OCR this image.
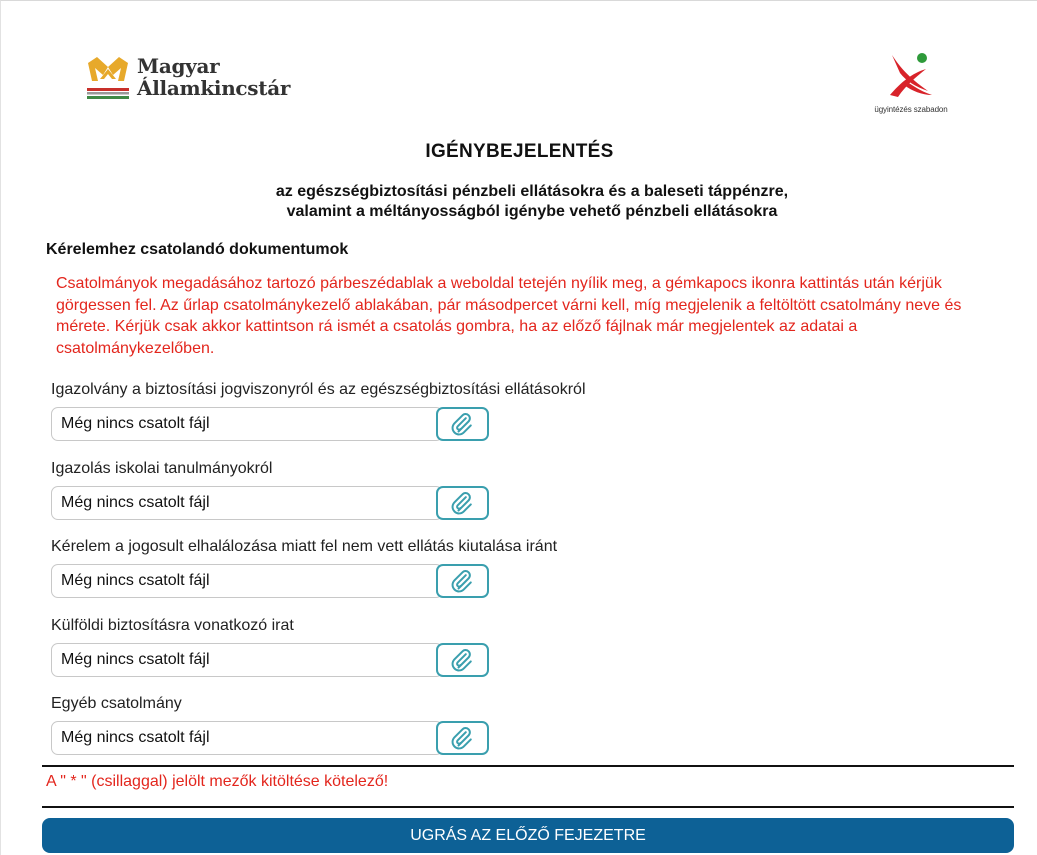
Magyar
Államkincstár
ügyintézés szabadon
IGÉNYBEJELENTÉS
az egészségbiztosítási pénzbeli ellátásokra és a baleseti táppénzre,
valamint a méltányosságból igénybe vehető pénzbeli ellátásokra
Kérelemhez csatolandó dokumentumok
Csatolmányok megadásához tartozó párbeszédablak a weboldal tetején nyílik meg, a gémkapocs ikonra kattintás után kérjük görgessen fel. Az űrlap csatolmánykezelő ablakában, pár másodpercet várni kell, míg megjelenik a feltöltött csatolmány neve és mérete. Kérjük csak akkor kattintson rá ismét a csatolás gombra, ha az előző fájlnak már megjelentek az adatai a csatolmánykezelőben.
Igazolvány a biztosítási jogviszonyról és az egészségbiztosítási ellátásokról
Még nincs csatolt fájl
Igazolás iskolai tanulmányokról
Még nincs csatolt fájl
Kérelem a jogosult elhalálozása miatt fel nem vett ellátás kiutalása iránt
Még nincs csatolt fájl
Külföldi biztosításra vonatkozó irat
Még nincs csatolt fájl
Egyéb csatolmány
Még nincs csatolt fájl
A " * " (csillaggal) jelölt mezők kitöltése kötelező!
UGRÁS AZ ELŐZŐ FEJEZETRE
